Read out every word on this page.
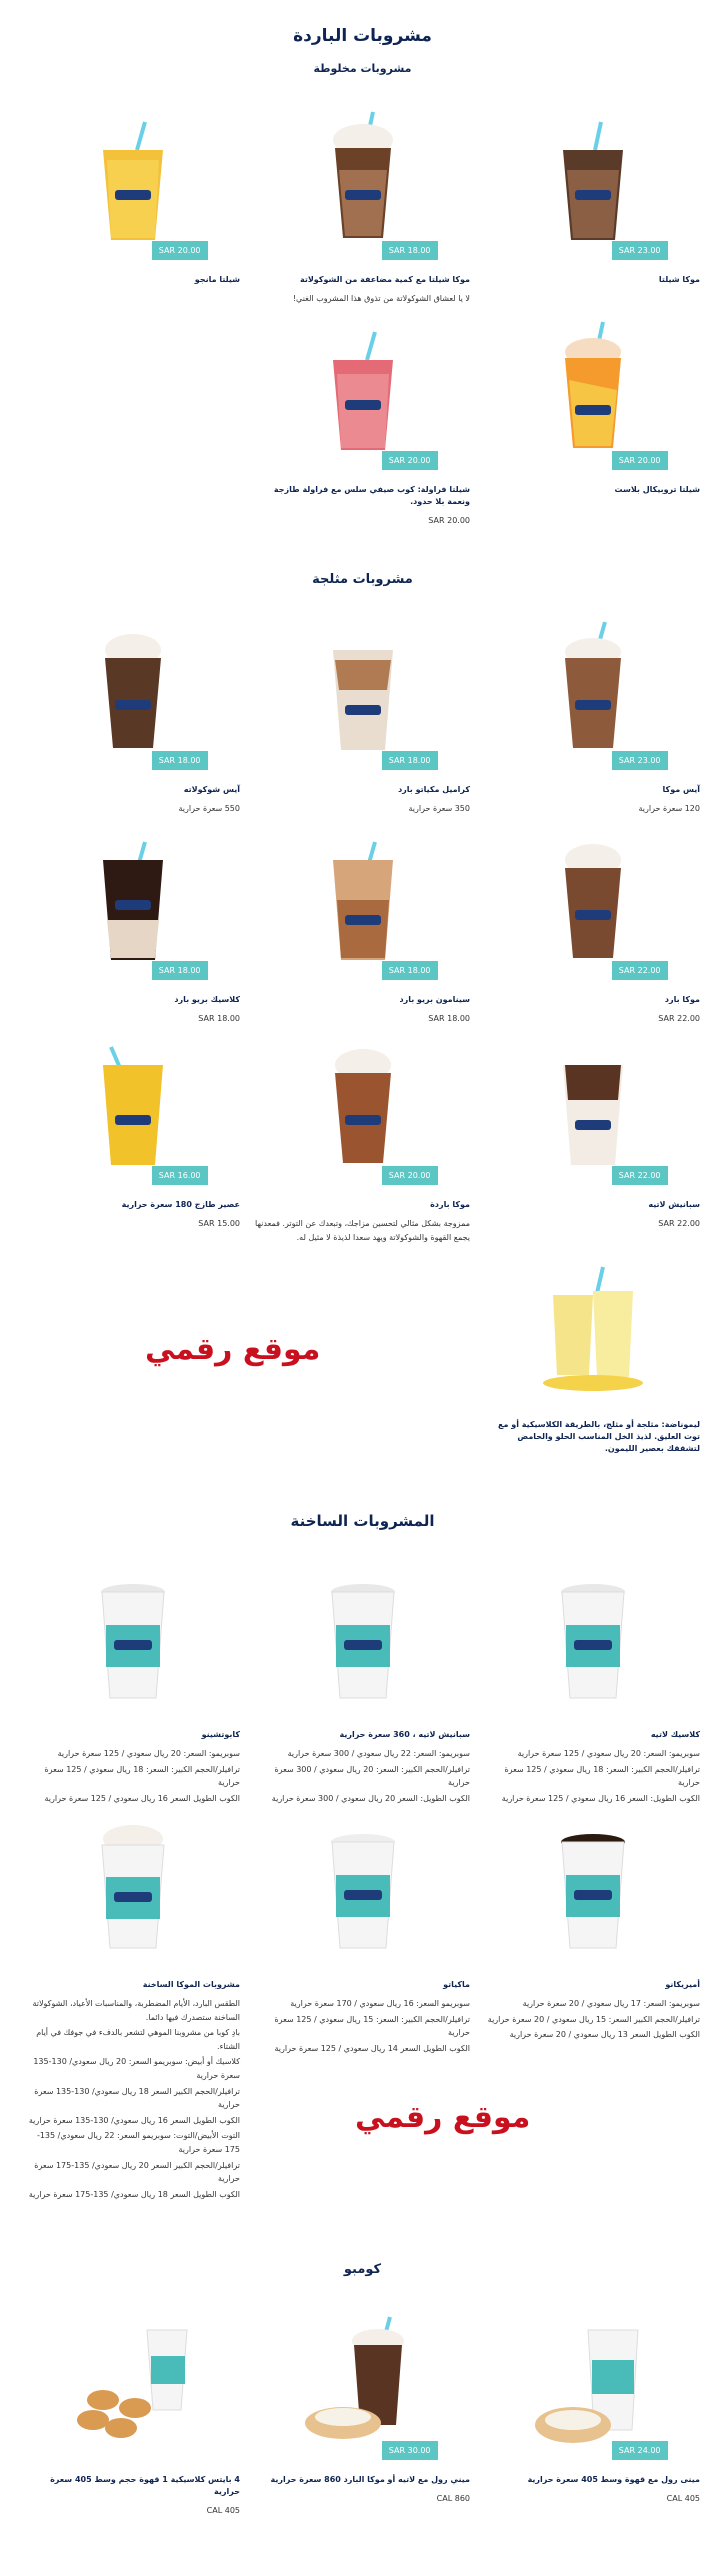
مشروبات الباردة
مشروبات مخلوطة
SAR 23.00
موكا شيلتا
SAR 18.00
موكا شيلتا مع كمية مضاعفة من الشوكولاتة
لا يا لعشاق الشوكولاتة من تذوق هذا المشروب الغني!
SAR 20.00
شيلتا مانجو
SAR 20.00
شيلتا تروبيكال بلاست
SAR 20.00
شيلتا فراولة: كوب صيفي سلس مع فراولة طازجة ونعمة بلا حدود.
SAR 20.00
مشروبات مثلجة
SAR 23.00
آيس موكا
120 سعرة حرارية
SAR 18.00
كراميل مكياتو بارد
350 سعرة حرارية
SAR 18.00
آيس شوكولاته
550 سعرة حرارية
SAR 22.00
موكا بارد
SAR 22.00
SAR 18.00
سينامون بريو بارد
SAR 18.00
SAR 18.00
كلاسيك بريو بارد
SAR 18.00
SAR 22.00
سبانيش لاتيه
SAR 22.00
SAR 20.00
موكا باردة
ممزوجة بشكل مثالي لتحسين مزاجك، وتبعدك عن التوتر. فمعدنها يجمع القهوة والشوكولاتة ويهد سعدا لذيذة لا مثيل له.
SAR 16.00
عصير طازج 180 سعرة حرارية
SAR 15.00
ليموناضة: مثلجة أو مثلج، بالطريقة الكلاسيكية أو مع توت العليق. لذيذ الخل المناسب الحلو والحامض لتشققك بعصير الليمون.
موقع رقمي
المشروبات الساخنة
كلاسيك لاتيه
سوبريمو: السعر: 20 ريال سعودي / 125 سعرة حرارية
ترافيلر/الحجم الكبير: السعر: 18 ريال سعودي / 125 سعرة حرارية
الكوب الطويل: السعر 16 ريال سعودي / 125 سعرة حرارية
سبانيش لاتيه ، 360 سعرة حرارية
سوبريمو: السعر: 22 ريال سعودي / 300 سعرة حرارية
ترافيلر/الحجم الكبير: السعر: 20 ريال سعودي / 300 سعرة حرارية
الكوب الطويل: السعر 20 ريال سعودي / 300 سعرة حرارية
كابوتشينو
سوبريمو: السعر: 20 ريال سعودي / 125 سعرة حرارية
ترافيلر/الحجم الكبير: السعر: 18 ريال سعودي / 125 سعرة حرارية
الكوب الطويل السعر 16 ريال سعودي / 125 سعرة حرارية
أميريكانو
سوبريمو: السعر: 17 ريال سعودي / 20 سعرة حرارية
ترافيلر/الحجم الكبير السعر: 15 ريال سعودي / 20 سعرة حرارية
الكوب الطويل السعر 13 ريال سعودي / 20 سعرة حرارية
ماكياتو
سوبريمو السعر: 16 ريال سعودي / 170 سعرة حرارية
ترافيلر/الحجم الكبير: السعر: 15 ريال سعودي / 125 سعرة حرارية
الكوب الطويل السعر 14 ريال سعودي / 125 سعرة حرارية
مشروبات الموكا الساخنة
الطقس البارد، الأيام المضطربة، والمناسبات الأعياد، الشوكولاتة الساخنة ستصدرك فيها دائما.
بادِ كوبا من مشروبنا الموهي لتشعر بالدفء في جوفك في أيام الشتاء.
كلاسيك أو أبيض: سوبريمو السعر: 20 ريال سعودي/ 130-135 سعرة حرارية
ترافيلر/الحجم الكبير السعر 18 ريال سعودي/ 130-135 سعرة حرارية
الكوب الطويل السعر 16 ريال سعودي/ 130-135 سعرة حرارية
التوت الأبيض/التوت: سوبريمو السعر: 22 ريال سعودي/ 135-175 سعرة حرارية
ترافيلر/الحجم الكبير السعر 20 ريال سعودي/ 135-175 سعرة حرارية
الكوب الطويل السعر 18 ريال سعودي/ 135-175 سعرة حرارية
موقع رقمي
كومبو
SAR 24.00
مينى رول مع قهوة وسط 405 سعرة حرارية
CAL 405
SAR 30.00
ميني رول مع لاتيه أو موكا البارد 860 سعرة حرارية
CAL 860
4 بايتس كلاسيكية 1 قهوة حجم وسط 405 سعرة حرارية
CAL 405
